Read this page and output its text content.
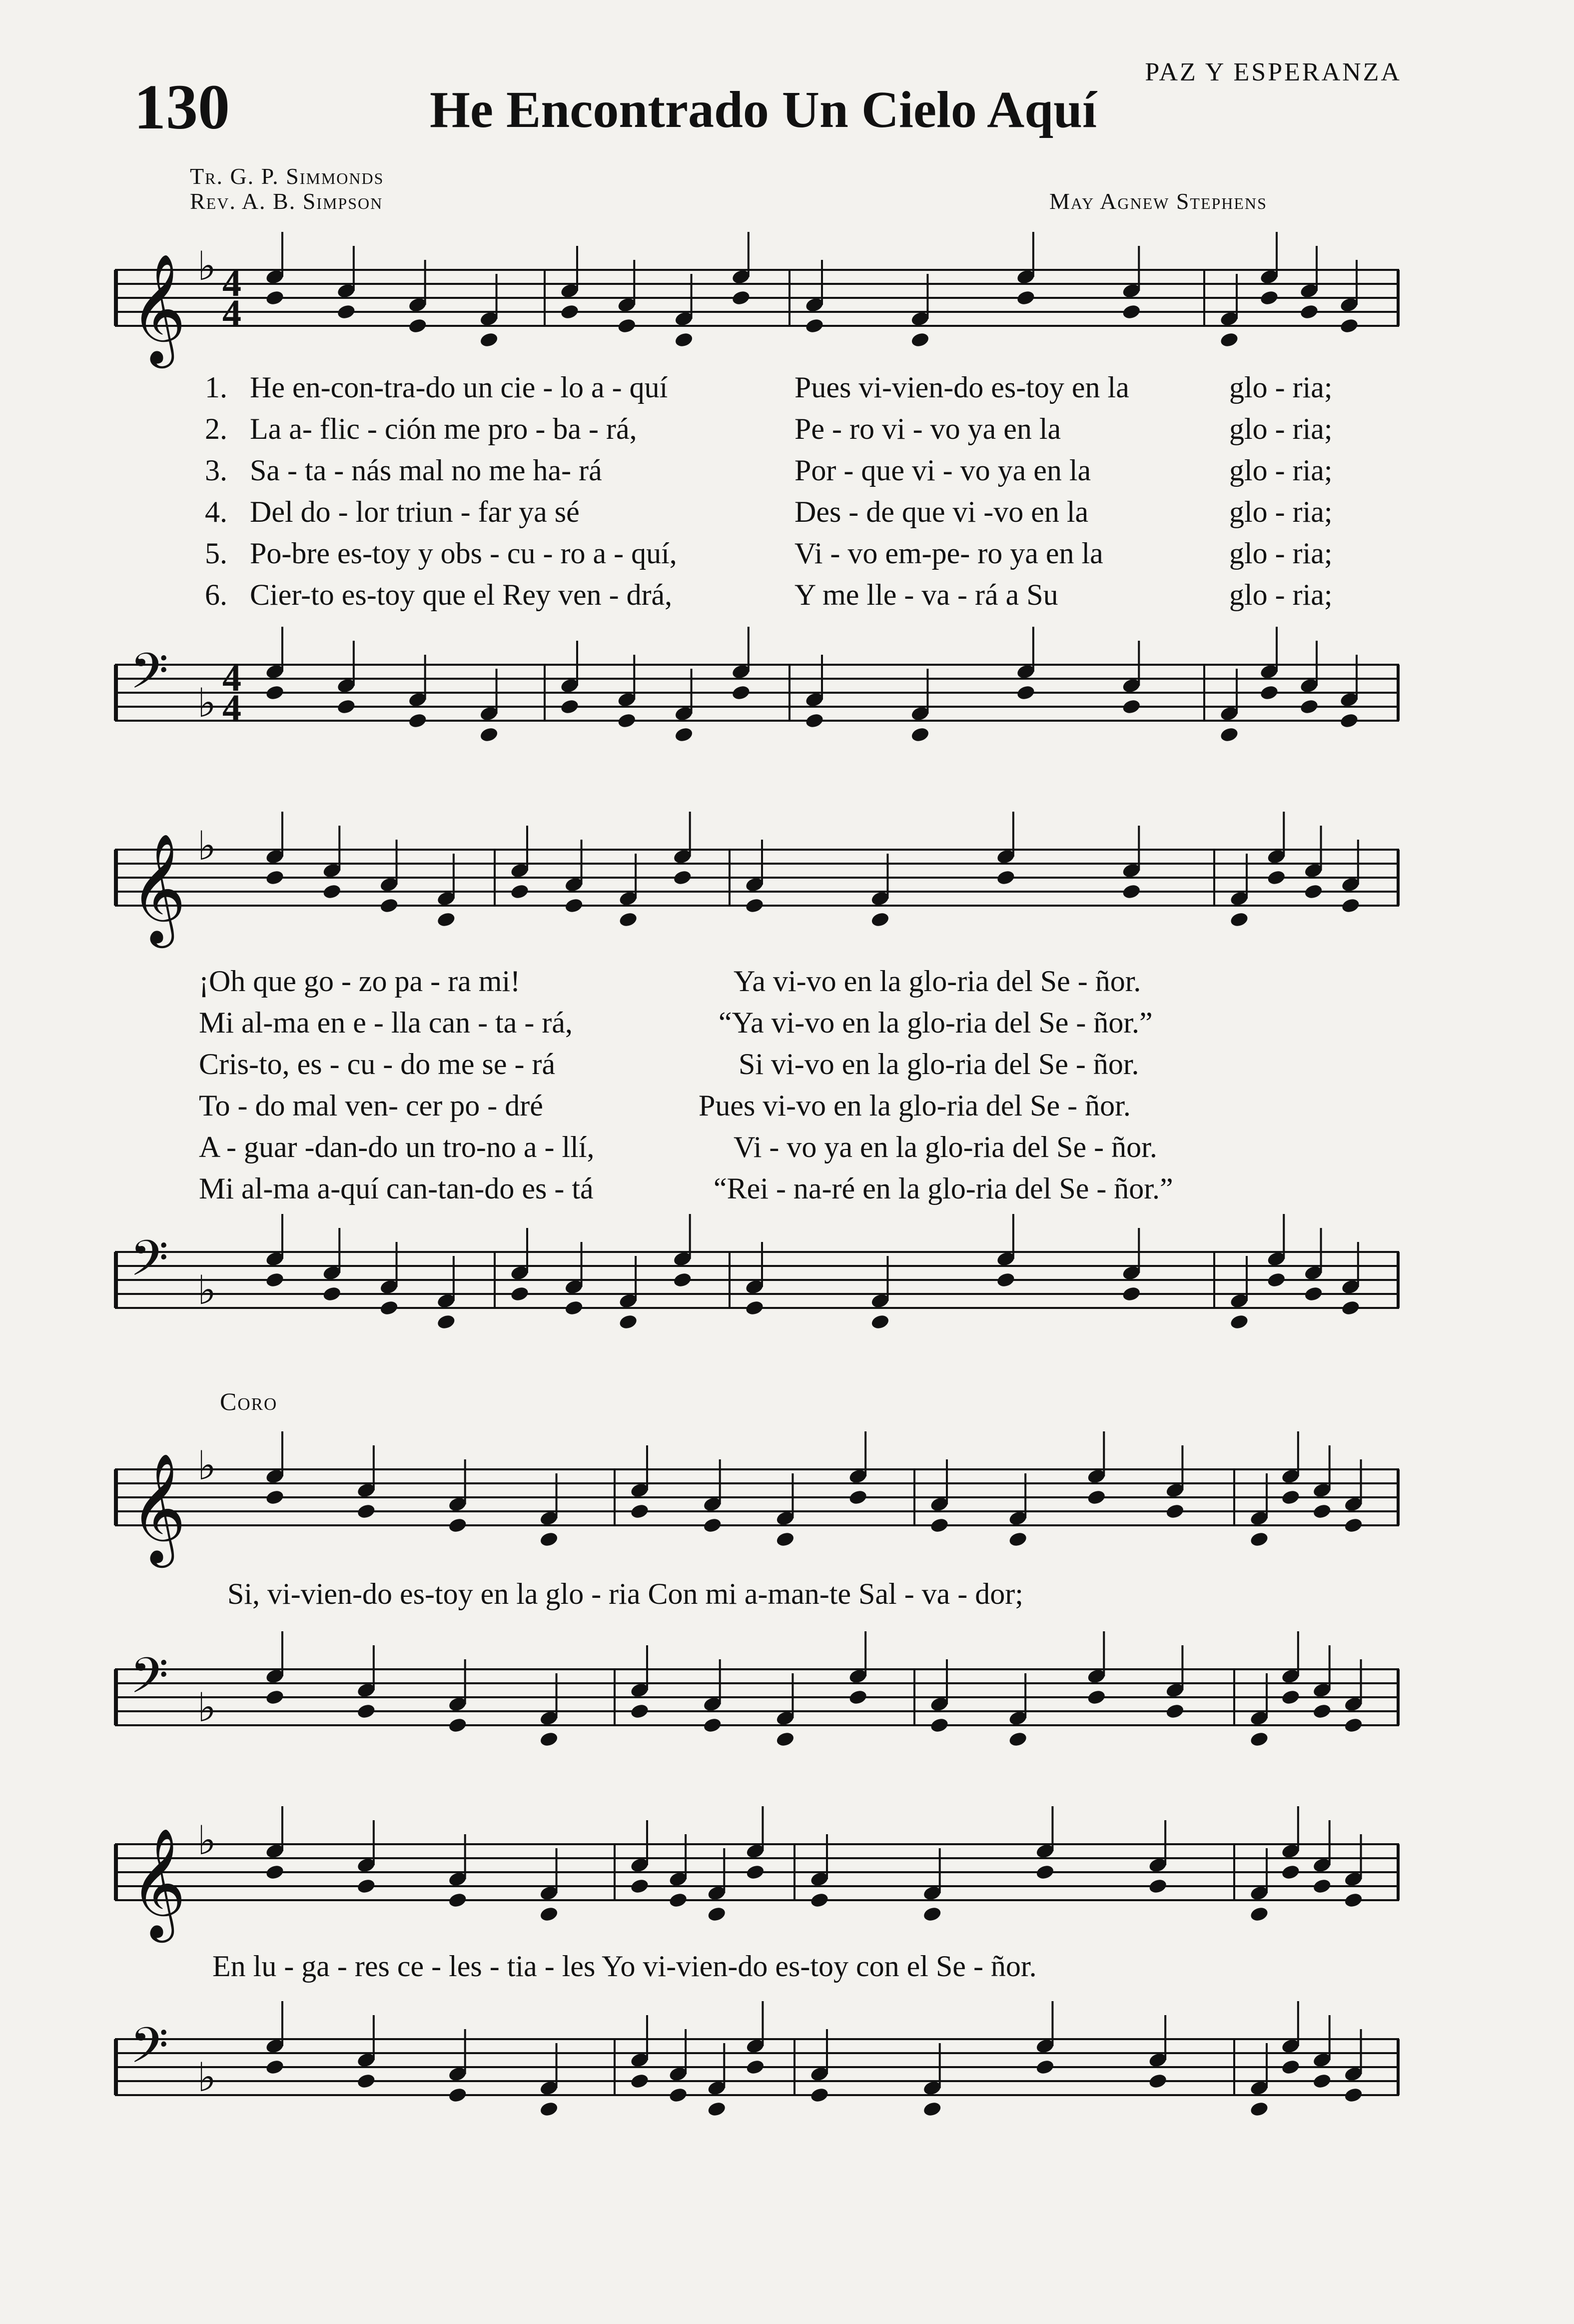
130	He Encontrado Un Cielo Aquí
PAZ Y ESPERANZA
Tr. G. P. Simmonds
Rev. A. B. Simpson	May Agnew Stephens
𝄞 ♭ 4
4
1. He en-con-tra-do un cie - lo a - quí	Pues vi-vien-do es-toy en la	glo - ria;
2. La a- flic - ción me pro - ba - rá,	Pe - ro vi - vo ya en la	glo - ria;
3. Sa - ta - nás mal no me ha- rá	Por - que vi - vo ya en la	glo - ria;
4. Del do - lor triun - far ya sé	Des - de que vi -vo en la	glo - ria;
5. Po-bre es-toy y obs - cu - ro a - quí,	Vi - vo em-pe- ro ya en la	glo - ria;
6. Cier-to es-toy que el Rey ven - drá,	Y me lle - va - rá a Su	glo - ria;
𝄢 ♭
4
4
𝄞 ♭
¡Oh que go - zo pa - ra mi!	Ya vi-vo en la glo-ria del Se - ñor.
Mi al-ma en e - lla can - ta - rá,	“Ya vi-vo en la glo-ria del Se - ñor.”
Cris-to, es - cu - do me se - rá	Si vi-vo en la glo-ria del Se - ñor.
To - do mal ven- cer po - dré	Pues vi-vo en la glo-ria del Se - ñor.
A - guar -dan-do un tro-no a - llí,	Vi - vo ya en la glo-ria del Se - ñor.
Mi al-ma a-quí can-tan-do es - tá	“Rei - na-ré en la glo-ria del Se - ñor.”
𝄢 ♭
Coro
𝄞 ♭
Si, vi-vien-do es-toy en la glo - ria Con mi a-man-te Sal - va - dor;
𝄢 ♭
𝄞 ♭
En lu - ga - res ce - les - tia - les Yo vi-vien-do es-toy con el Se - ñor.
𝄢 ♭
